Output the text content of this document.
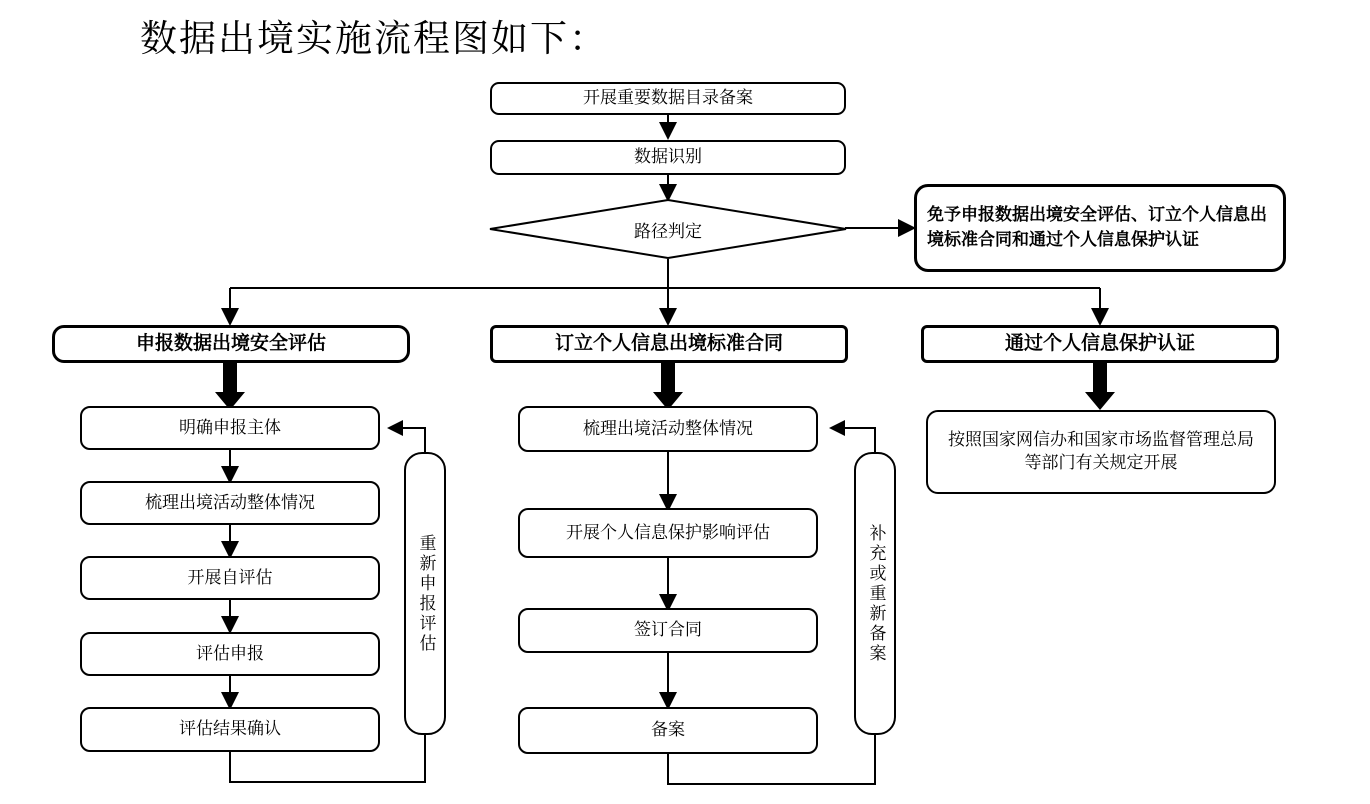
数据出境实施流程图如下：
开展重要数据目录备案
数据识别
路径判定
免予申报数据出境安全评估、订立个人信息出境标准合同和通过个人信息保护认证
申报数据出境安全评估	订立个人信息出境标准合同	通过个人信息保护认证
明确申报主体
梳理出境活动整体情况
开展自评估
评估申报
评估结果确认
重新申报评估
梳理出境活动整体情况
开展个人信息保护影响评估
签订合同
备案
补充或重新备案
按照国家网信办和国家市场监督管理总局等部门有关规定开展
